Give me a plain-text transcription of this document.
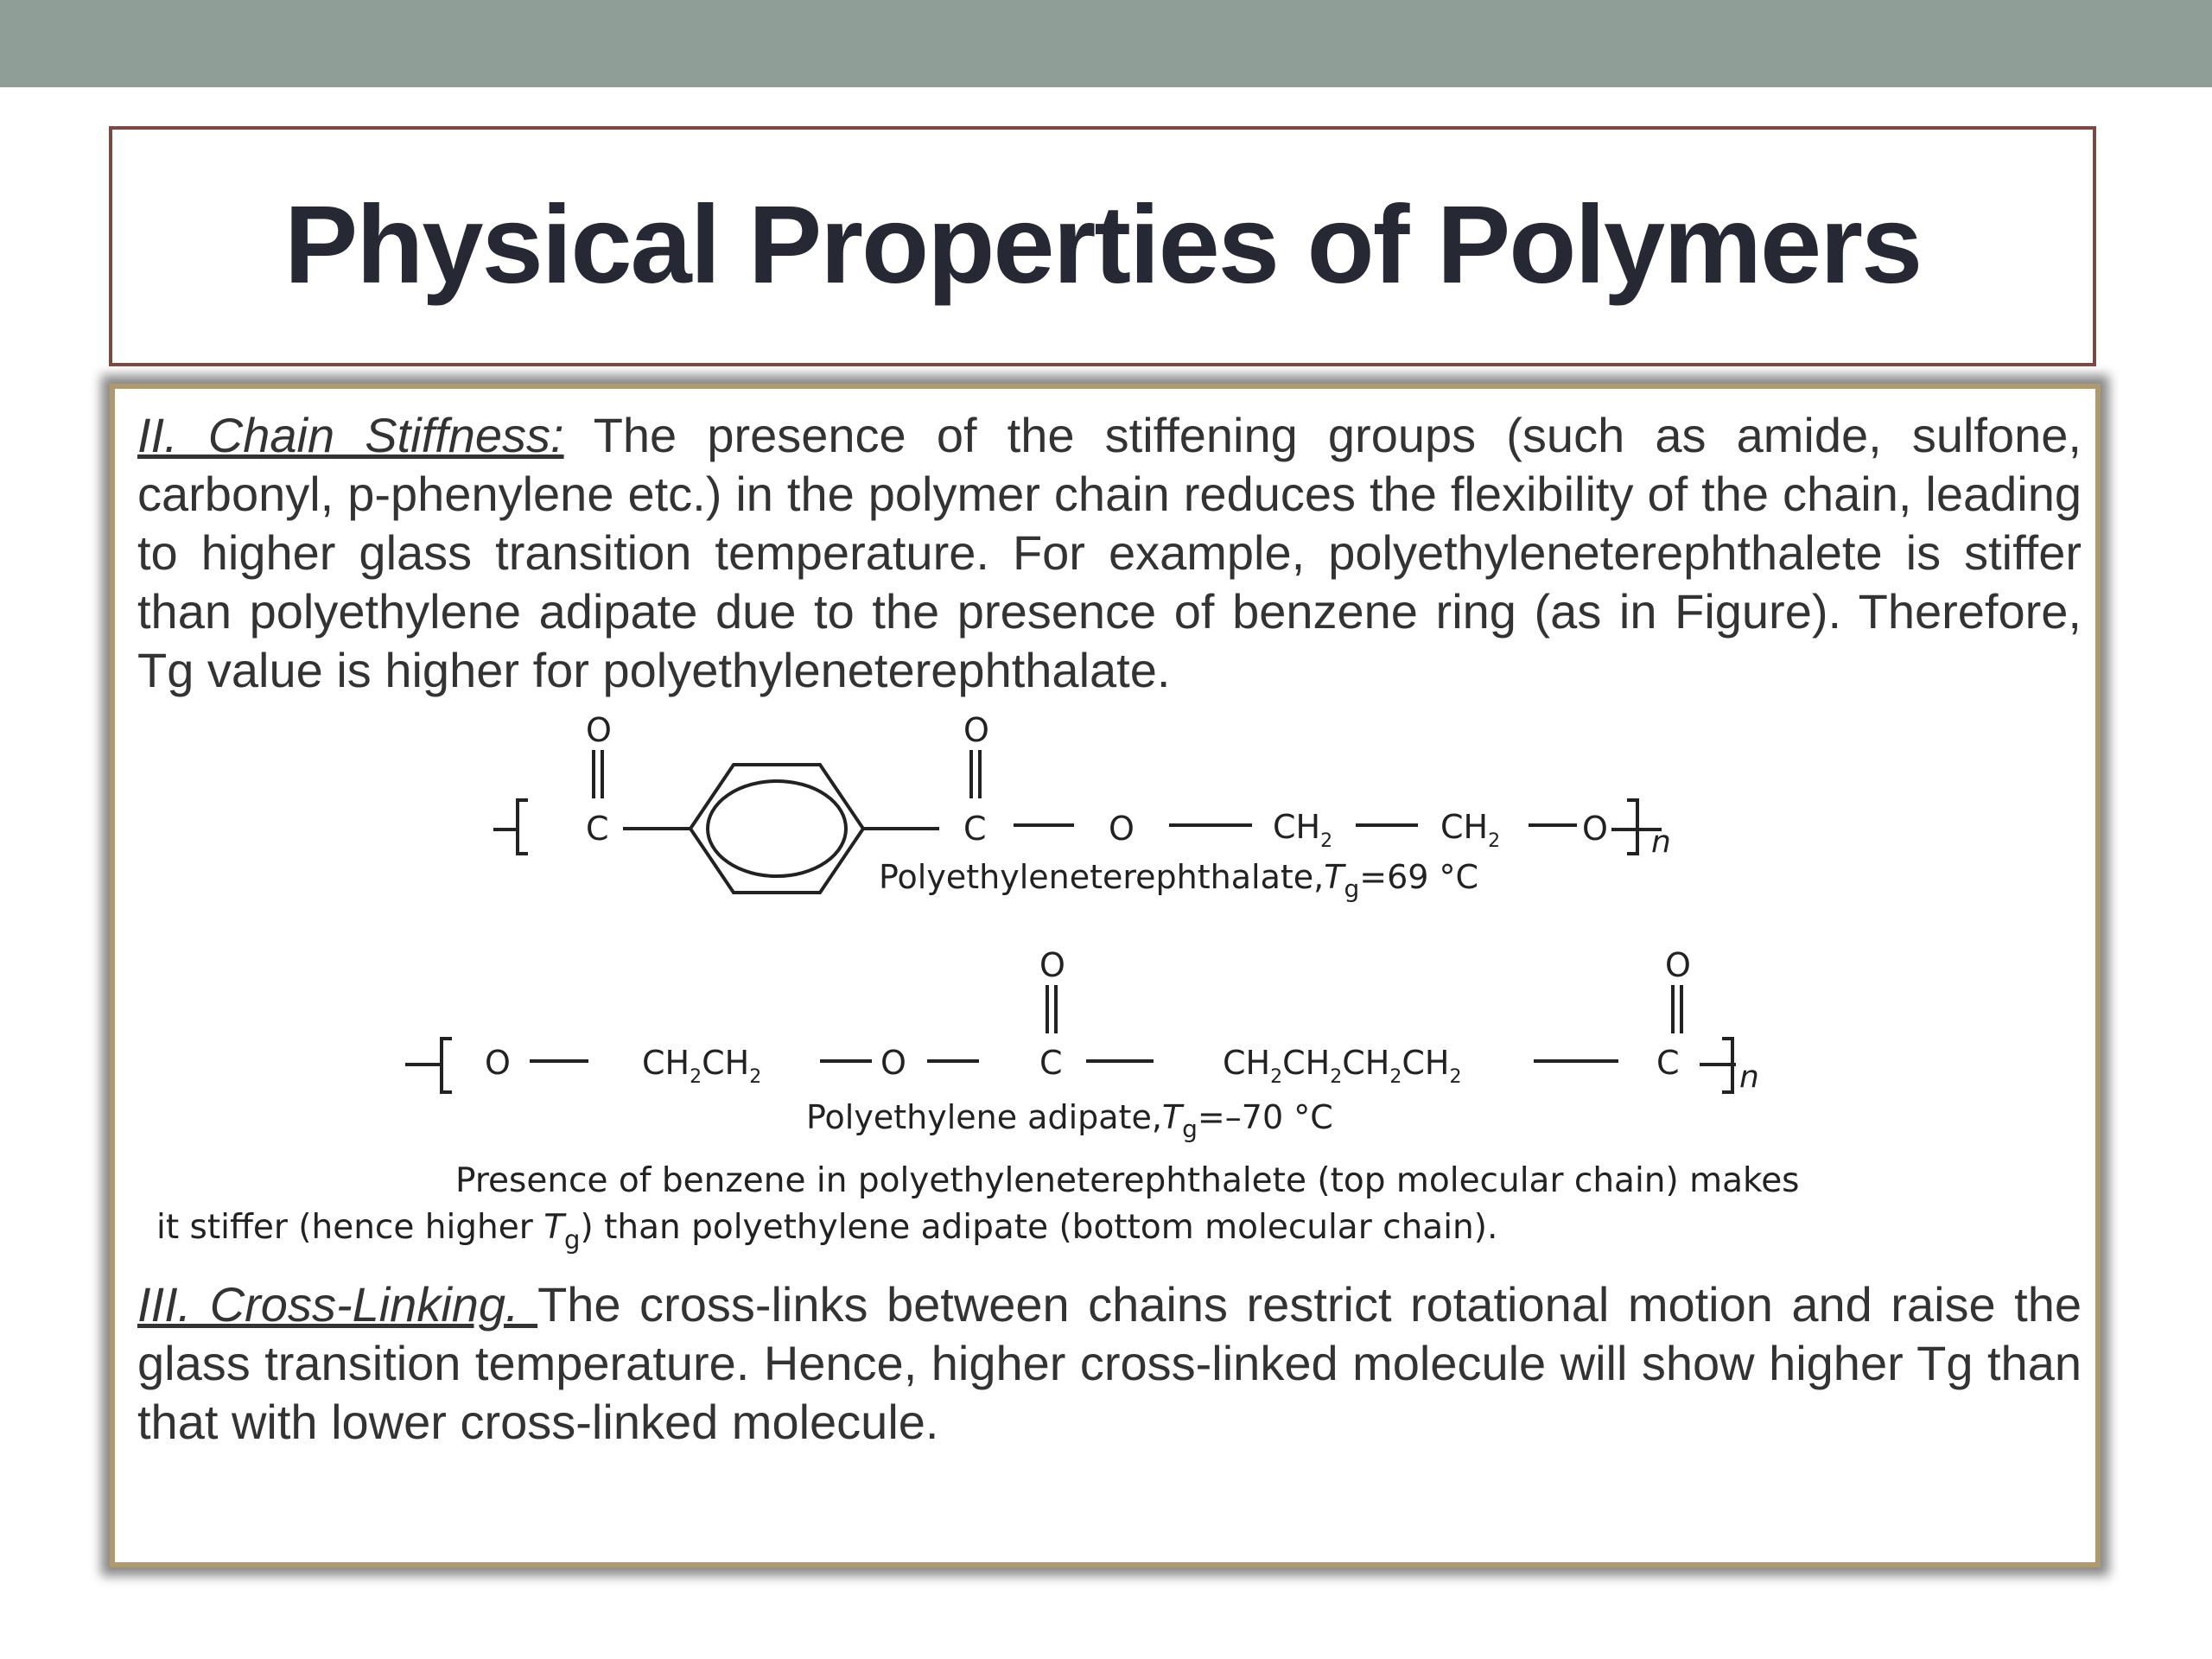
Physical Properties of Polymers

II. Chain Stiffness: The presence of the stiffening groups (such as amide, sulfone, carbonyl, p-phenylene etc.) in the polymer chain reduces the flexibility of the chain, leading to higher glass transition temperature. For example, polyethyleneterephthalete is stiffer than polyethylene adipate due to the presence of benzene ring (as in Figure). Therefore, Tg value is higher for polyethyleneterephthalate.

O
C
O
C	O	$CH_2$	$CH_2$ O n
$Polyethyleneterephthalate,T_g=69$ °C
O	$CH_2CH_2$	O
O
C	$CH_2CH_2CH_2CH_2$
O
C n
Polyethylene $adipate,T_g=-70$ °C

Presence of benzene in polyethyleneterephthalete (top molecular chain) makes

it stiffer (hence higher $T_g$) than polyethylene adipate (bottom molecular chain).

III. Cross-Linking. The cross-links between chains restrict rotational motion and raise the glass transition temperature. Hence, higher cross-linked molecule will show higher Tg than that with lower cross-linked molecule.
